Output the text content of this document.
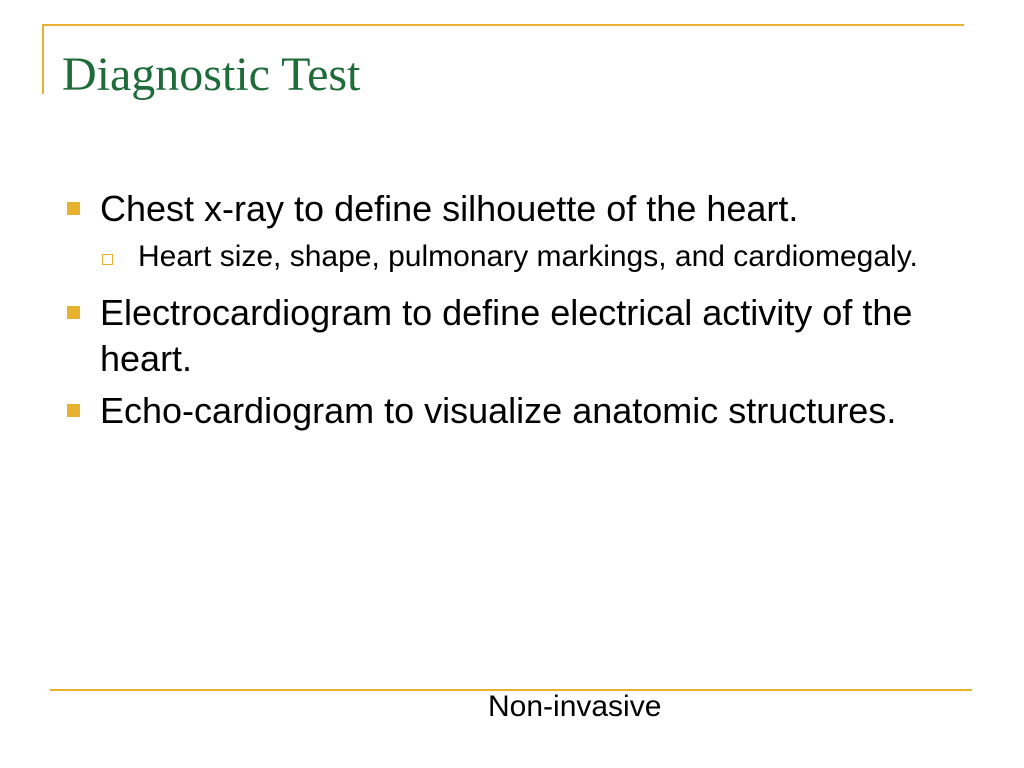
Diagnostic Test
Chest x-ray to define silhouette of the heart.
Heart size, shape, pulmonary markings, and cardiomegaly.
Electrocardiogram to define electrical activity of the heart.
Echo-cardiogram to visualize anatomic structures.
Non-invasive
